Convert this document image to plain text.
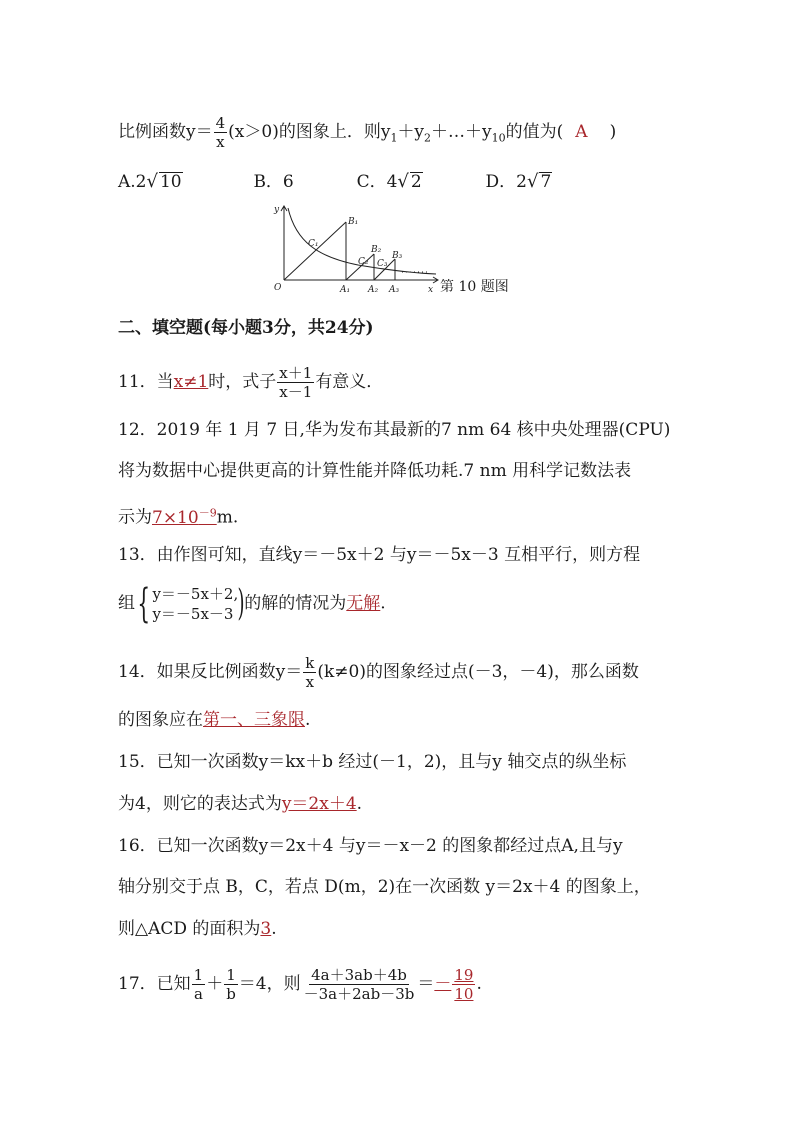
比例函数$y= \frac{4}{x} (x>0)$的图象上．则$y_1+y_2+\dots+y_{10}$的值为( A )
A.2√ 10	B．6	C．4√ 2	D．2√ 7
y
x
O
B₁
C₁
B₂
C₂
B₃
C₃
A₁ A₂ A₃	第 10 题图
二、填空题(每小题3分，共24分)
11．当x≠1时，式子 $\frac{x+1}{x-1}$ 有意义．
12．2019 年 1 月 7 日,华为发布其最新的7 nm 64 核中央处理器(CPU)
将为数据中心提供更高的计算性能并降低功耗.7 nm 用科学记数法表
示为$7\times 10^{-9}m$.
13．由作图可知，直线y＝－5x＋2 与y＝－5x－3 互相平行，则方程
组{ y＝－5x＋2,
y＝－5x－3 )的解的情况为无解.
14．如果反比例函数$y= \frac{k}{x} (k\ne 0)$的图象经过点(－3，－4)，那么函数
的图象应在第一、三象限.
15．已知一次函数y＝kx＋b 经过(－1，2)，且与y 轴交点的纵坐标
为4，则它的表达式为y＝2x＋4.
16．已知一次函数y＝2x＋4 与y＝－x－2 的图象都经过点A,且与y
轴分别交于点 B，C，若点 D(m，2)在一次函数 y＝2x＋4 的图象上，
则△ACD 的面积为3.
17．已知 $\frac{1}{a} + \frac{1}{b} =4$，则 $\frac{4a+3ab+4b}{-3a+2ab-3b} =- \frac{19}{10}$ .
